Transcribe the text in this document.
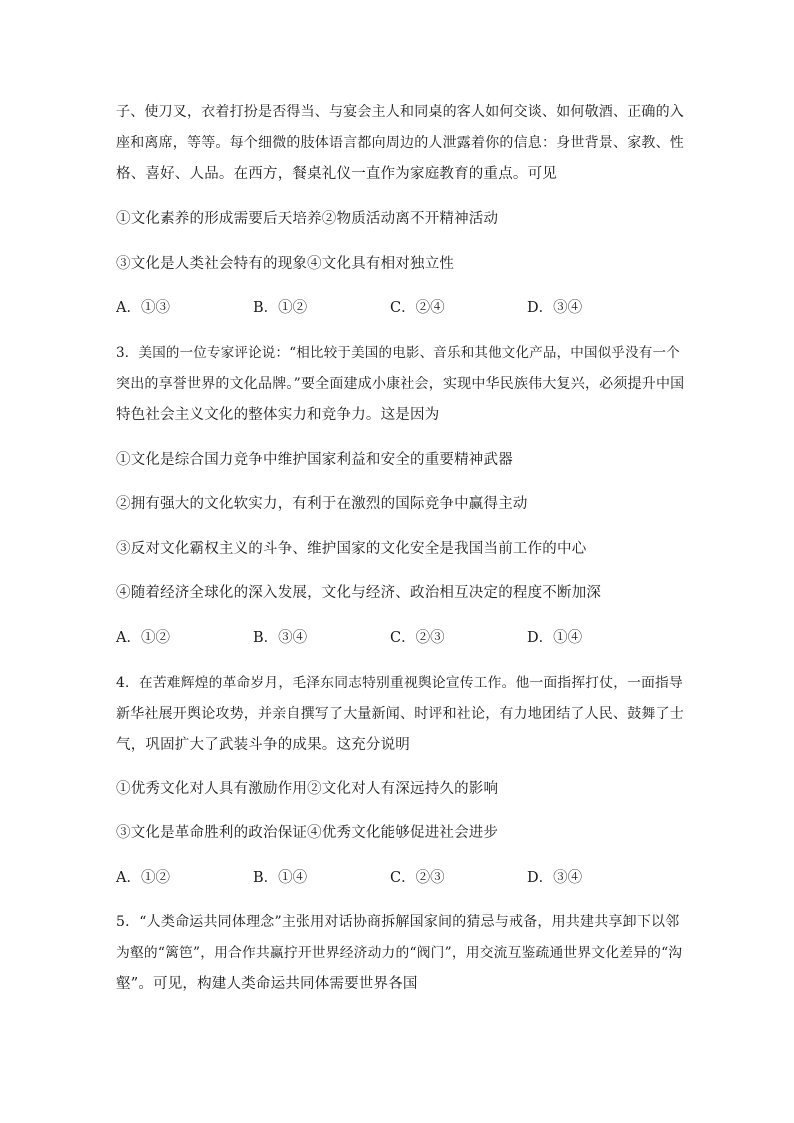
子、使刀叉，衣着打扮是否得当、与宴会主人和同桌的客人如何交谈、如何敬酒、正确的入
座和离席，等等。每个细微的肢体语言都向周边的人泄露着你的信息：身世背景、家教、性
格、喜好、人品。在西方，餐桌礼仪一直作为家庭教育的重点。可见
①文化素养的形成需要后天培养②物质活动离不开精神活动
③文化是人类社会特有的现象④文化具有相对独立性
A．①③	B．①②	C．②④	D．③④
3．美国的一位专家评论说：“相比较于美国的电影、音乐和其他文化产品，中国似乎没有一个
突出的享誉世界的文化品牌。”要全面建成小康社会，实现中华民族伟大复兴，必须提升中国
特色社会主义文化的整体实力和竞争力。这是因为
①文化是综合国力竞争中维护国家利益和安全的重要精神武器
②拥有强大的文化软实力，有利于在激烈的国际竞争中赢得主动
③反对文化霸权主义的斗争、维护国家的文化安全是我国当前工作的中心
④随着经济全球化的深入发展，文化与经济、政治相互决定的程度不断加深
A．①②	B．③④	C．②③	D．①④
4．在苦难辉煌的革命岁月，毛泽东同志特别重视舆论宣传工作。他一面指挥打仗，一面指导
新华社展开舆论攻势，并亲自撰写了大量新闻、时评和社论，有力地团结了人民、鼓舞了士
气，巩固扩大了武装斗争的成果。这充分说明
①优秀文化对人具有激励作用②文化对人有深远持久的影响
③文化是革命胜利的政治保证④优秀文化能够促进社会进步
A．①②	B．①④	C．②③	D．③④
5．“人类命运共同体理念”主张用对话协商拆解国家间的猜忌与戒备，用共建共享卸下以邻
为壑的“篱笆”，用合作共赢拧开世界经济动力的“阀门”，用交流互鉴疏通世界文化差异的“沟
壑”。可见，构建人类命运共同体需要世界各国
